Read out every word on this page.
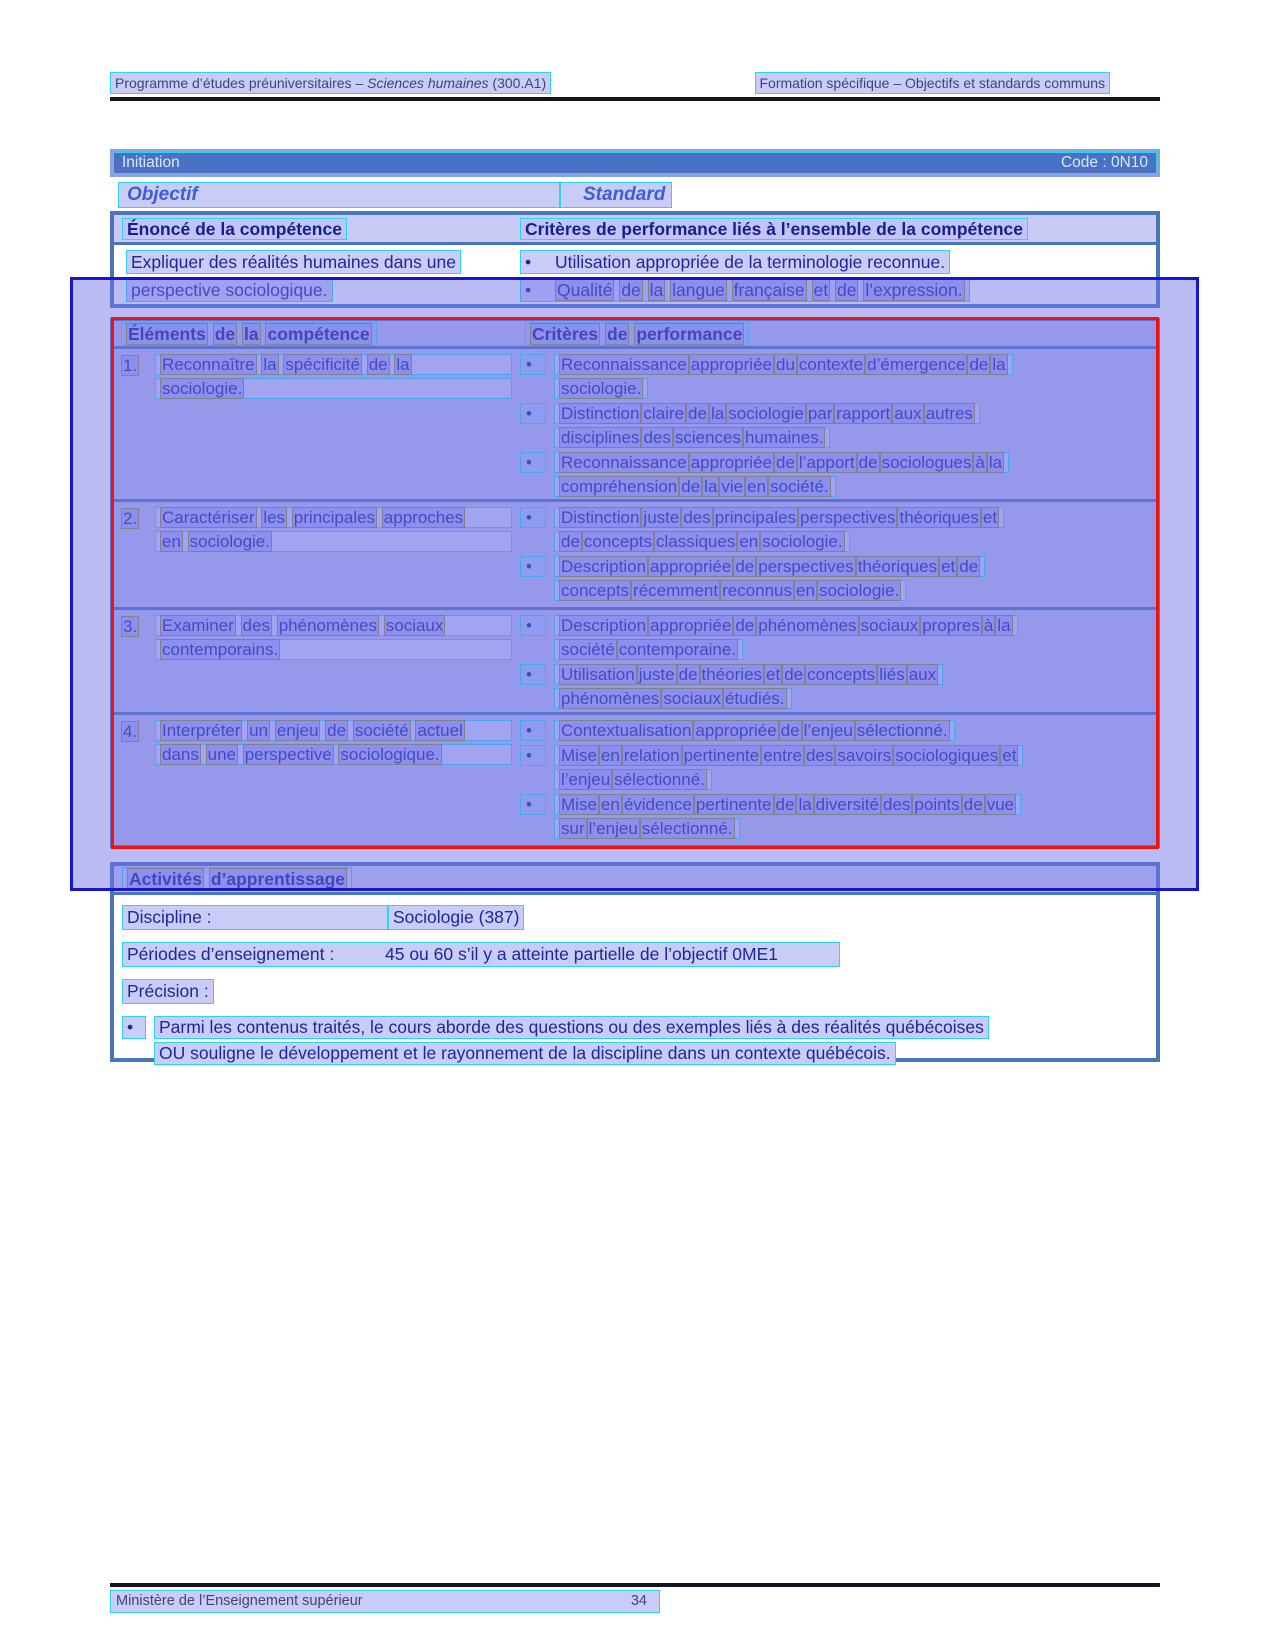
Programme d’études préuniversitaires – Sciences humaines (300.A1)	Formation spécifique – Objectifs et standards communs
Initiation	Code : 0N10
Objectif	Standard
Énoncé de la compétence	Critères de performance liés à l’ensemble de la compétence
Expliquer des réalités humaines dans une
perspective sociologique.
• Utilisation appropriée de la terminologie reconnue.
• Qualité de la langue française et de l’expression.
Éléments de la compétence	Critères de performance
1.	Reconnaître la spécificité de la
sociologie.
•	Reconnaissance appropriée du contexte d’émergence de la
sociologie.
•	Distinction claire de la sociologie par rapport aux autres
disciplines des sciences humaines.
•	Reconnaissance appropriée de l’apport de sociologues à la
compréhension de la vie en société.
2.	Caractériser les principales approches
en sociologie.
•	Distinction juste des principales perspectives théoriques et
de concepts classiques en sociologie.
•	Description appropriée de perspectives théoriques et de
concepts récemment reconnus en sociologie.
3.	Examiner des phénomènes sociaux
contemporains.
•	Description appropriée de phénomènes sociaux propres à la
société contemporaine.
•	Utilisation juste de théories et de concepts liés aux
phénomènes sociaux étudiés.
4.	Interpréter un enjeu de société actuel
dans une perspective sociologique.
•	Contextualisation appropriée de l’enjeu sélectionné.
•	Mise en relation pertinente entre des savoirs sociologiques et
l’enjeu sélectionné.
•	Mise en évidence pertinente de la diversité des points de vue
sur l’enjeu sélectionné.
Activités d’apprentissage
Discipline :	Sociologie (387)
Périodes d’enseignement :	45 ou 60 s’il y a atteinte partielle de l’objectif 0ME1
Précision :
•	Parmi les contenus traités, le cours aborde des questions ou des exemples liés à des réalités québécoises
OU souligne le développement et le rayonnement de la discipline dans un contexte québécois.
Ministère de l’Enseignement supérieur	34
